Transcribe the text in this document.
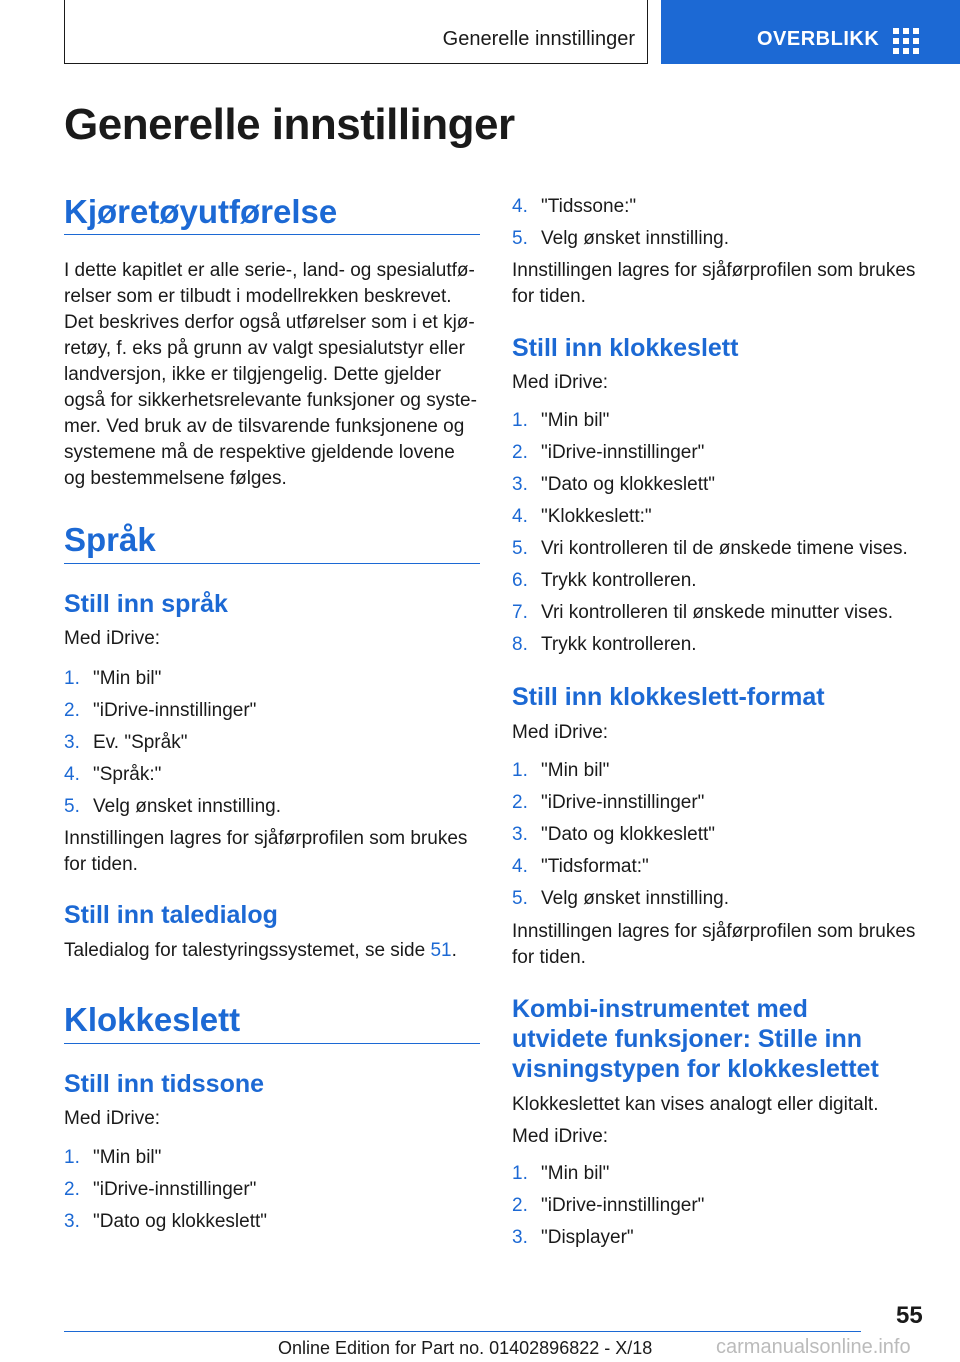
Generelle innstillinger	OVERBLIKK
Generelle innstillinger
Kjøretøyutførelse

I dette kapitlet er alle serie-, land- og spesialutfø‐
relser som er tilbudt i modellrekken beskrevet.
Det beskrives derfor også utførelser som i et kjø‐
retøy, f. eks på grunn av valgt spesialutstyr eller
landversjon, ikke er tilgjengelig. Dette gjelder
også for sikkerhetsrelevante funksjoner og syste‐
mer. Ved bruk av de tilsvarende funksjonene og
systemene må de respektive gjeldende lovene
og bestemmelsene følges.

Språk
Still inn språk

Med iDrive:

1. "Min bil"
2. "iDrive-innstillinger"
3. Ev. "Språk"
4. "Språk:"
5. Velg ønsket innstilling.

Innstillingen lagres for sjåførprofilen som brukes
for tiden.

Still inn taledialog

Taledialog for talestyringssystemet, se side 51.

Klokkeslett
Still inn tidssone

Med iDrive:

1. "Min bil"
2. "iDrive-innstillinger"
3. "Dato og klokkeslett"
4. "Tidssone:"
5. Velg ønsket innstilling.

Innstillingen lagres for sjåførprofilen som brukes
for tiden.

Still inn klokkeslett

Med iDrive:

1. "Min bil"
2. "iDrive-innstillinger"
3. "Dato og klokkeslett"
4. "Klokkeslett:"
5. Vri kontrolleren til de ønskede timene vises.
6. Trykk kontrolleren.
7. Vri kontrolleren til ønskede minutter vises.
8. Trykk kontrolleren.
Still inn klokkeslett-format

Med iDrive:

1. "Min bil"
2. "iDrive-innstillinger"
3. "Dato og klokkeslett"
4. "Tidsformat:"
5. Velg ønsket innstilling.

Innstillingen lagres for sjåførprofilen som brukes
for tiden.

Kombi-instrumentet med
utvidete funksjoner: Stille inn
visningstypen for klokkeslettet

Klokkeslettet kan vises analogt eller digitalt.

Med iDrive:

1. "Min bil"
2. "iDrive-innstillinger"
3. "Displayer"
55
Online Edition for Part no. 01402896822 - X/18	carmanualsonline.info
